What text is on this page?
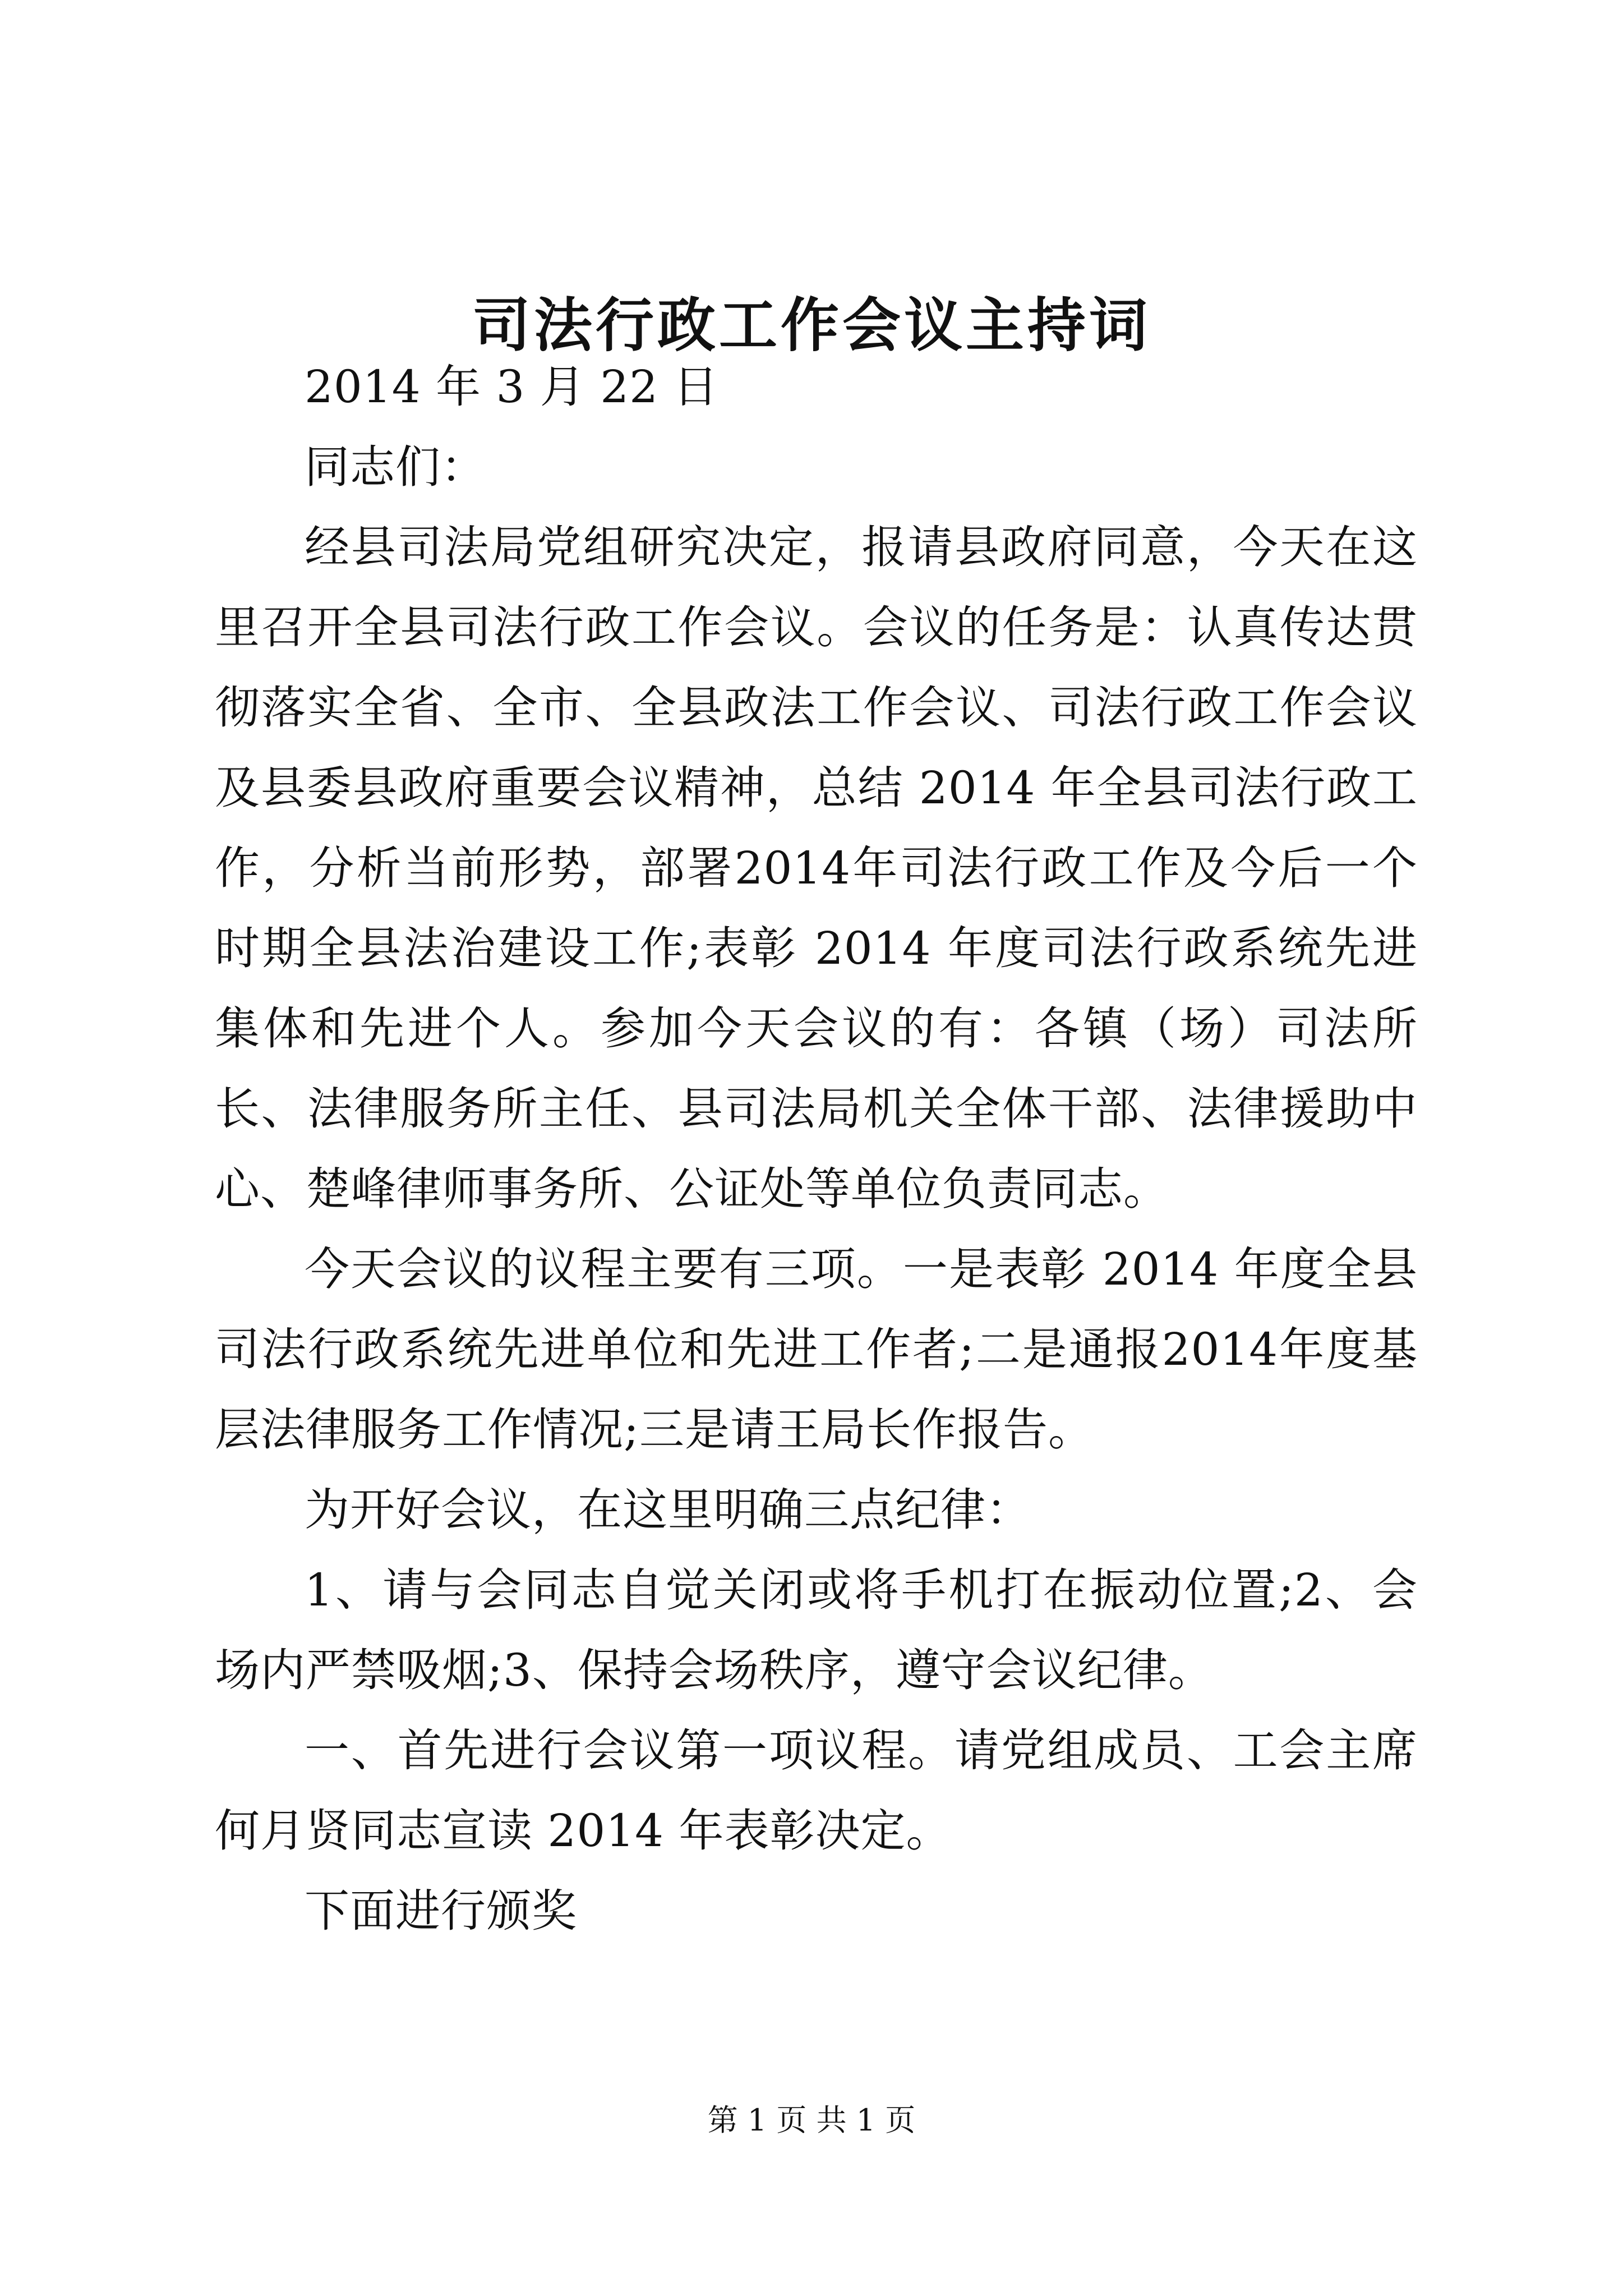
司法行政工作会议主持词

2014 年 3 月 22 日

同志们：

经县司法局党组研究决定，报请县政府同意，今天在这里召开全县司法行政工作会议。会议的任务是：认真传达贯彻落实全省、全市、全县政法工作会议、司法行政工作会议及县委县政府重要会议精神，总结 2014 年全县司法行政工作，分析当前形势，部署2014年司法行政工作及今后一个时期全县法治建设工作;表彰 2014 年度司法行政系统先进集体和先进个人。参加今天会议的有：各镇（场）司法所长、法律服务所主任、县司法局机关全体干部、法律援助中心、楚峰律师事务所、公证处等单位负责同志。

今天会议的议程主要有三项。一是表彰 2014 年度全县司法行政系统先进单位和先进工作者;二是通报2014年度基层法律服务工作情况;三是请王局长作报告。

为开好会议，在这里明确三点纪律：

1、请与会同志自觉关闭或将手机打在振动位置;2、会场内严禁吸烟;3、保持会场秩序，遵守会议纪律。

一、首先进行会议第一项议程。请党组成员、工会主席何月贤同志宣读 2014 年表彰决定。

下面进行颁奖

第 1 页 共 1 页
